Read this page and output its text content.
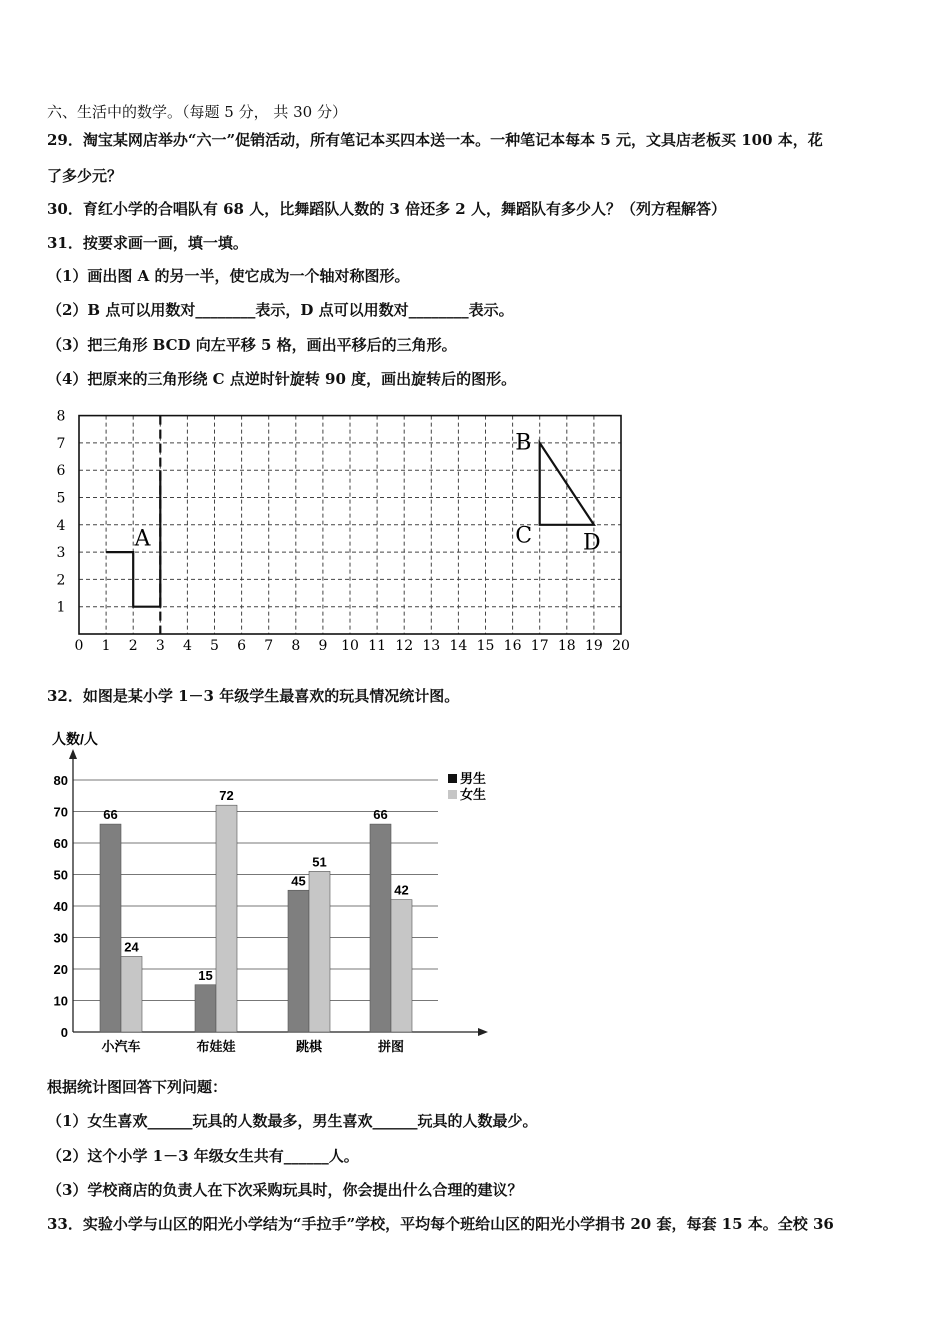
六、生活中的数学。（每题 5 分， 共 30 分）
29．淘宝某网店举办“六一”促销活动，所有笔记本买四本送一本。一种笔记本每本 5 元，文具店老板买 100 本，花
了多少元？
30．育红小学的合唱队有 68 人，比舞蹈队人数的 3 倍还多 2 人，舞蹈队有多少人？（列方程解答）
31．按要求画一画，填一填。
（1）画出图 A 的另一半，使它成为一个轴对称图形。
（2）B 点可以用数对________表示，D 点可以用数对________表示。
（3）把三角形 BCD 向左平移 5 格，画出平移后的三角形。
（4）把原来的三角形绕 C 点逆时针旋转 90 度，画出旋转后的图形。
0 1 2 3 4 5 6 7 8 9 10 11 12 13 14 15 16 17 18 19 20
1
2
3
4
5
6
7
8
A
B
C D
32．如图是某小学 1－3 年级学生最喜欢的玩具情况统计图。
0
10
20
30
40
50
60
70
80
人数/人
66
24
小汽车
15
72
布娃娃
45
51
跳棋
66
42
拼图
男生
女生
根据统计图回答下列问题：
（1）女生喜欢______玩具的人数最多，男生喜欢______玩具的人数最少。
（2）这个小学 1－3 年级女生共有______人。
（3）学校商店的负责人在下次采购玩具时，你会提出什么合理的建议？
33．实验小学与山区的阳光小学结为“手拉手”学校，平均每个班给山区的阳光小学捐书 20 套，每套 15 本。全校 36
